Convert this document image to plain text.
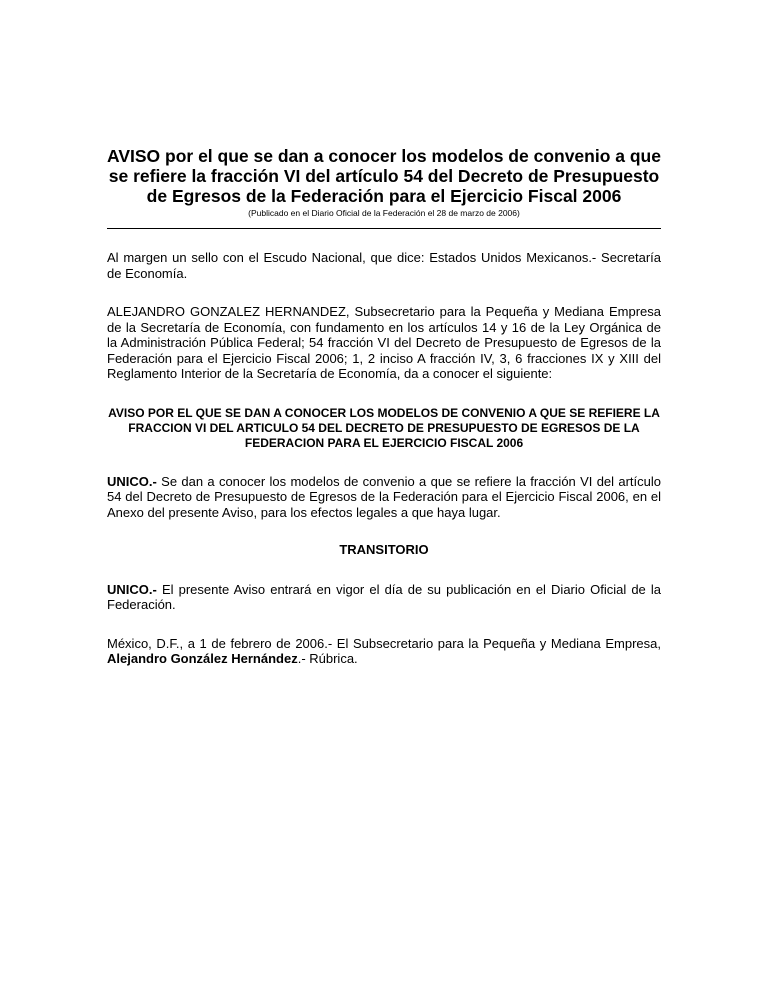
AVISO por el que se dan a conocer los modelos de convenio a que se refiere la fracción VI del artículo 54 del Decreto de Presupuesto de Egresos de la Federación para el Ejercicio Fiscal 2006

(Publicado en el Diario Oficial de la Federación el 28 de marzo de 2006)

Al margen un sello con el Escudo Nacional, que dice: Estados Unidos Mexicanos.- Secretaría de Economía.

ALEJANDRO GONZALEZ HERNANDEZ, Subsecretario para la Pequeña y Mediana Empresa de la Secretaría de Economía, con fundamento en los artículos 14 y 16 de la Ley Orgánica de la Administración Pública Federal; 54 fracción VI del Decreto de Presupuesto de Egresos de la Federación para el Ejercicio Fiscal 2006; 1, 2 inciso A fracción IV, 3, 6 fracciones IX y XIII del Reglamento Interior de la Secretaría de Economía, da a conocer el siguiente:

AVISO POR EL QUE SE DAN A CONOCER LOS MODELOS DE CONVENIO A QUE SE REFIERE LA FRACCION VI DEL ARTICULO 54 DEL DECRETO DE PRESUPUESTO DE EGRESOS DE LA FEDERACION PARA EL EJERCICIO FISCAL 2006

UNICO.- Se dan a conocer los modelos de convenio a que se refiere la fracción VI del artículo 54 del Decreto de Presupuesto de Egresos de la Federación para el Ejercicio Fiscal 2006, en el Anexo del presente Aviso, para los efectos legales a que haya lugar.

TRANSITORIO

UNICO.- El presente Aviso entrará en vigor el día de su publicación en el Diario Oficial de la Federación.

México, D.F., a 1 de febrero de 2006.- El Subsecretario para la Pequeña y Mediana Empresa, Alejandro González Hernández.- Rúbrica.
